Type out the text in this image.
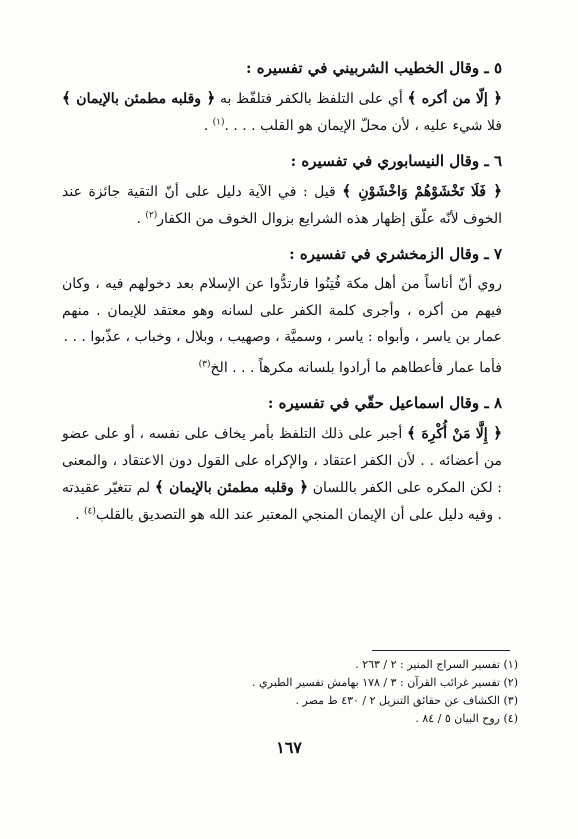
٥ ـ وقال الخطيب الشربيني في تفسيره :
﴿ إلّا من أكره ﴾ أي على التلفظ بالكفر فتلفّظ به ﴿ وقلبه مطمئن بالإيمان ﴾ فلا شيء عليه ، لأن محلّ الإيمان هو القلب . . . .$^{(١)}$ .
٦ ـ وقال النيسابوري في تفسيره :
﴿ فَلَا تَخْشَوْهُمْ وَاخْشَوْنِ ﴾ قيل : في الآية دليل على أنّ التقية جائزة عند الخوف لأنّه علّق إظهار هذه الشرايع بزوال الخوف من الكفار$^{(٢)}$ .
٧ ـ وقال الزمخشري في تفسيره :
روي أنّ أناساً من أهل مكة فُتِنُوا فارتدُّوا عن الإسلام بعد دخولهم فيه ، وكان فيهم من أكره ، وأجرى كلمة الكفر على لسانه وهو معتقد للإيمان . منهم عمار بن ياسر ، وأبواه : ياسر ، وسميَّة ، وصهيب ، وبلال ، وخباب ، عذّبوا . . .
فأما عمار فأعطاهم ما أرادوا بلسانه مكرهاً . . . الخ$^{(٣)}$
٨ ـ وقال اسماعيل حقّي في تفسيره :
﴿ إِلَّا مَنْ أُكْرِهَ ﴾ أجبر على ذلك التلفظ بأمر يخاف على نفسه ، أو على عضو من أعضائه . . لأن الكفر اعتقاد ، والإكراه على القول دون الاعتقاد ، والمعنى : لكن المكره على الكفر باللسان ﴿ وقلبه مطمئن بالإيمان ﴾ لم تتغيّر عقيدته . وفيه دليل على أن الإيمان المنجي المعتبر عند الله هو التصديق بالقلب$^{(٤)}$ .

(١) تفسير السراج المنير : ٢ / ٢٦٣ .

(٢) تفسير غرائب القرآن : ٣ / ١٧٨ بهامش تفسير الطبري .

(٣) الكشاف عن حقائق التنزيل ٢ / ٤٣٠ ط مصر .

(٤) روح البيان ٥ / ٨٤ .

١٦٧
